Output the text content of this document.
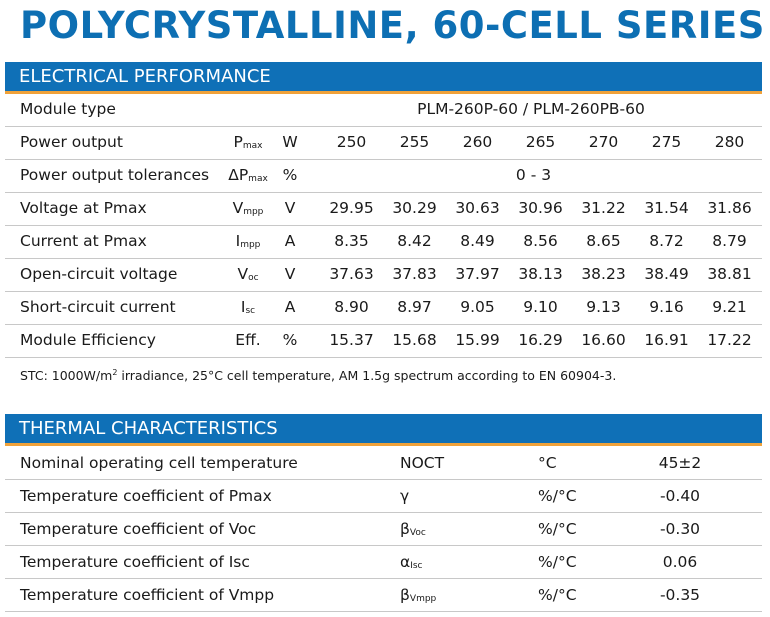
POLYCRYSTALLINE, 60-CELL SERIES
ELECTRICAL PERFORMANCE
Module type	PLM-260P-60 / PLM-260PB-60
Power output	$P_{max}$	W	250	255	260	265	270	275	280
Power output tolerances	$\Delta P_{max}$ %	0 - 3
Voltage at Pmax	$V_{mpp}$	V	29.95	30.29	30.63	30.96	31.22	31.54	31.86
Current at Pmax	$I_{mpp}$	A	8.35	8.42	8.49	8.56	8.65	8.72	8.79
Open-circuit voltage	$V_{oc}$	V	37.63	37.83	37.97	38.13	38.23	38.49	38.81
Short-circuit current	$I_{sc}$	A	8.90	8.97	9.05	9.10	9.13	9.16	9.21
Module Efficiency	Eff.	%	15.37	15.68	15.99	16.29	16.60	16.91	17.22
STC: $1000W/m^2$ irradiance, 25°C cell temperature, AM 1.5g spectrum according to EN 60904-3.
THERMAL CHARACTERISTICS
Nominal operating cell temperature	NOCT	°C	45±2
Temperature coefficient of Pmax	γ	%/°C	-0.40
Temperature coefficient of Voc	$\beta_{Voc}$	%/°C	-0.30
Temperature coefficient of Isc	$\alpha_{Isc}$	%/°C	0.06
Temperature coefficient of Vmpp	$\beta_{Vmpp}$	%/°C	-0.35
